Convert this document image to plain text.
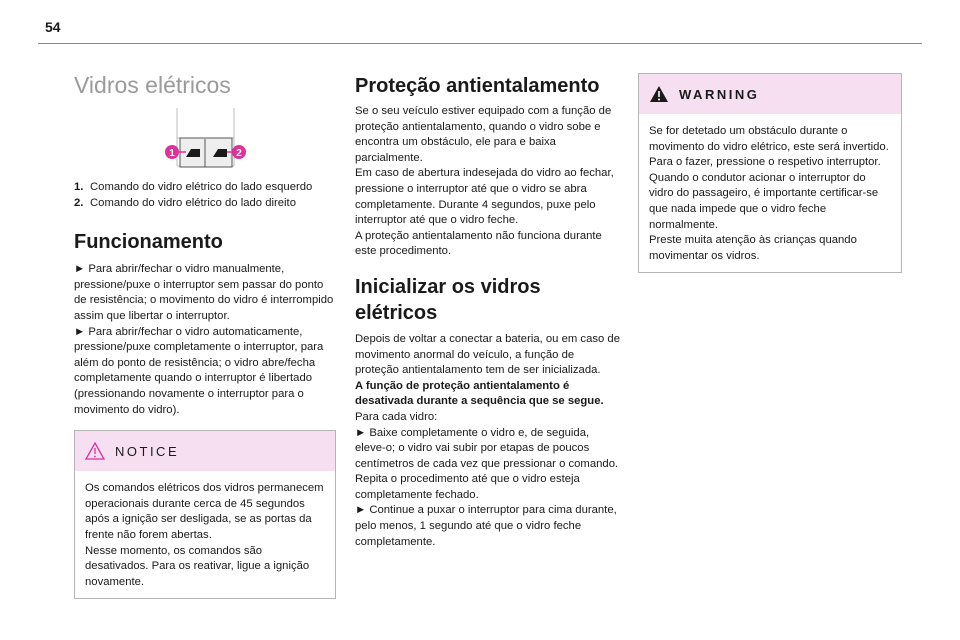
54
Vidros elétricos
1	2
1. Comando do vidro elétrico do lado esquerdo
2. Comando do vidro elétrico do lado direito
Funcionamento

► Para abrir/fechar o vidro manualmente, pressione/puxe o interruptor sem passar do ponto de resistência; o movimento do vidro é interrompido assim que libertar o interruptor.

► Para abrir/fechar o vidro automaticamente, pressione/puxe completamente o interruptor, para além do ponto de resistência; o vidro abre/fecha completamente quando o interruptor é libertado (pressionando novamente o interruptor para o movimento do vidro).

NOTICE

Os comandos elétricos dos vidros permanecem operacionais durante cerca de 45 segundos após a ignição ser desligada, se as portas da frente não forem abertas.

Nesse momento, os comandos são desativados. Para os reativar, ligue a ignição novamente.

Proteção antientalamento

Se o seu veículo estiver equipado com a função de proteção antientalamento, quando o vidro sobe e encontra um obstáculo, ele para e baixa parcialmente.

Em caso de abertura indesejada do vidro ao fechar, pressione o interruptor até que o vidro se abra completamente. Durante 4 segundos, puxe pelo interruptor até que o vidro feche.

A proteção antientalamento não funciona durante este procedimento.

Inicializar os vidros elétricos

Depois de voltar a conectar a bateria, ou em caso de movimento anormal do veículo, a função de proteção antientalamento tem de ser inicializada.

A função de proteção antientalamento é desativada durante a sequência que se segue.

Para cada vidro:

► Baixe completamente o vidro e, de seguida, eleve-o; o vidro vai subir por etapas de poucos centímetros de cada vez que pressionar o comando. Repita o procedimento até que o vidro esteja completamente fechado.

► Continue a puxar o interruptor para cima durante, pelo menos, 1 segundo até que o vidro feche completamente.

WARNING

Se for detetado um obstáculo durante o movimento do vidro elétrico, este será invertido. Para o fazer, pressione o respetivo interruptor.

Quando o condutor acionar o interruptor do vidro do passageiro, é importante certificar-se que nada impede que o vidro feche normalmente.

Preste muita atenção às crianças quando movimentar os vidros.
